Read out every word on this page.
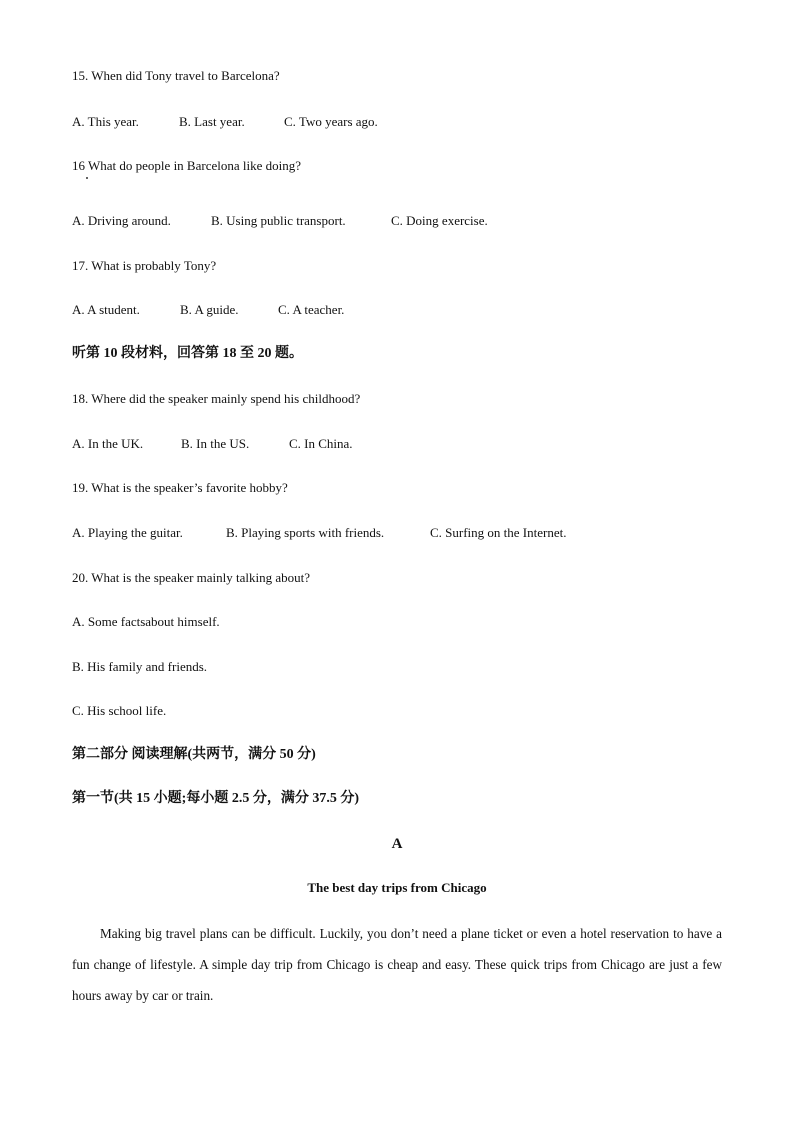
15. When did Tony travel to Barcelona?
A. This year.	B. Last year.	C. Two years ago.
16 What do people in Barcelona like doing?
A. Driving around.	B. Using public transport.	C. Doing exercise.
17. What is probably Tony?
A. A student.	B. A guide.	C. A teacher.
听第 10 段材料，回答第 18 至 20 题。
18. Where did the speaker mainly spend his childhood?
A. In the UK.	B. In the US.	C. In China.
19. What is the speaker’s favorite hobby?
A. Playing the guitar.	B. Playing sports with friends.	C. Surfing on the Internet.
20. What is the speaker mainly talking about?
A. Some factsabout himself.
B. His family and friends.
C. His school life.
第二部分 阅读理解(共两节，满分 50 分)
第一节(共 15 小题;每小题 2.5 分，满分 37.5 分)
A
The best day trips from Chicago
Making big travel plans can be difficult. Luckily, you don’t need a plane ticket or even a hotel reservation to have a fun change of lifestyle. A simple day trip from Chicago is cheap and easy. These quick trips from Chicago are just a few hours away by car or train.
